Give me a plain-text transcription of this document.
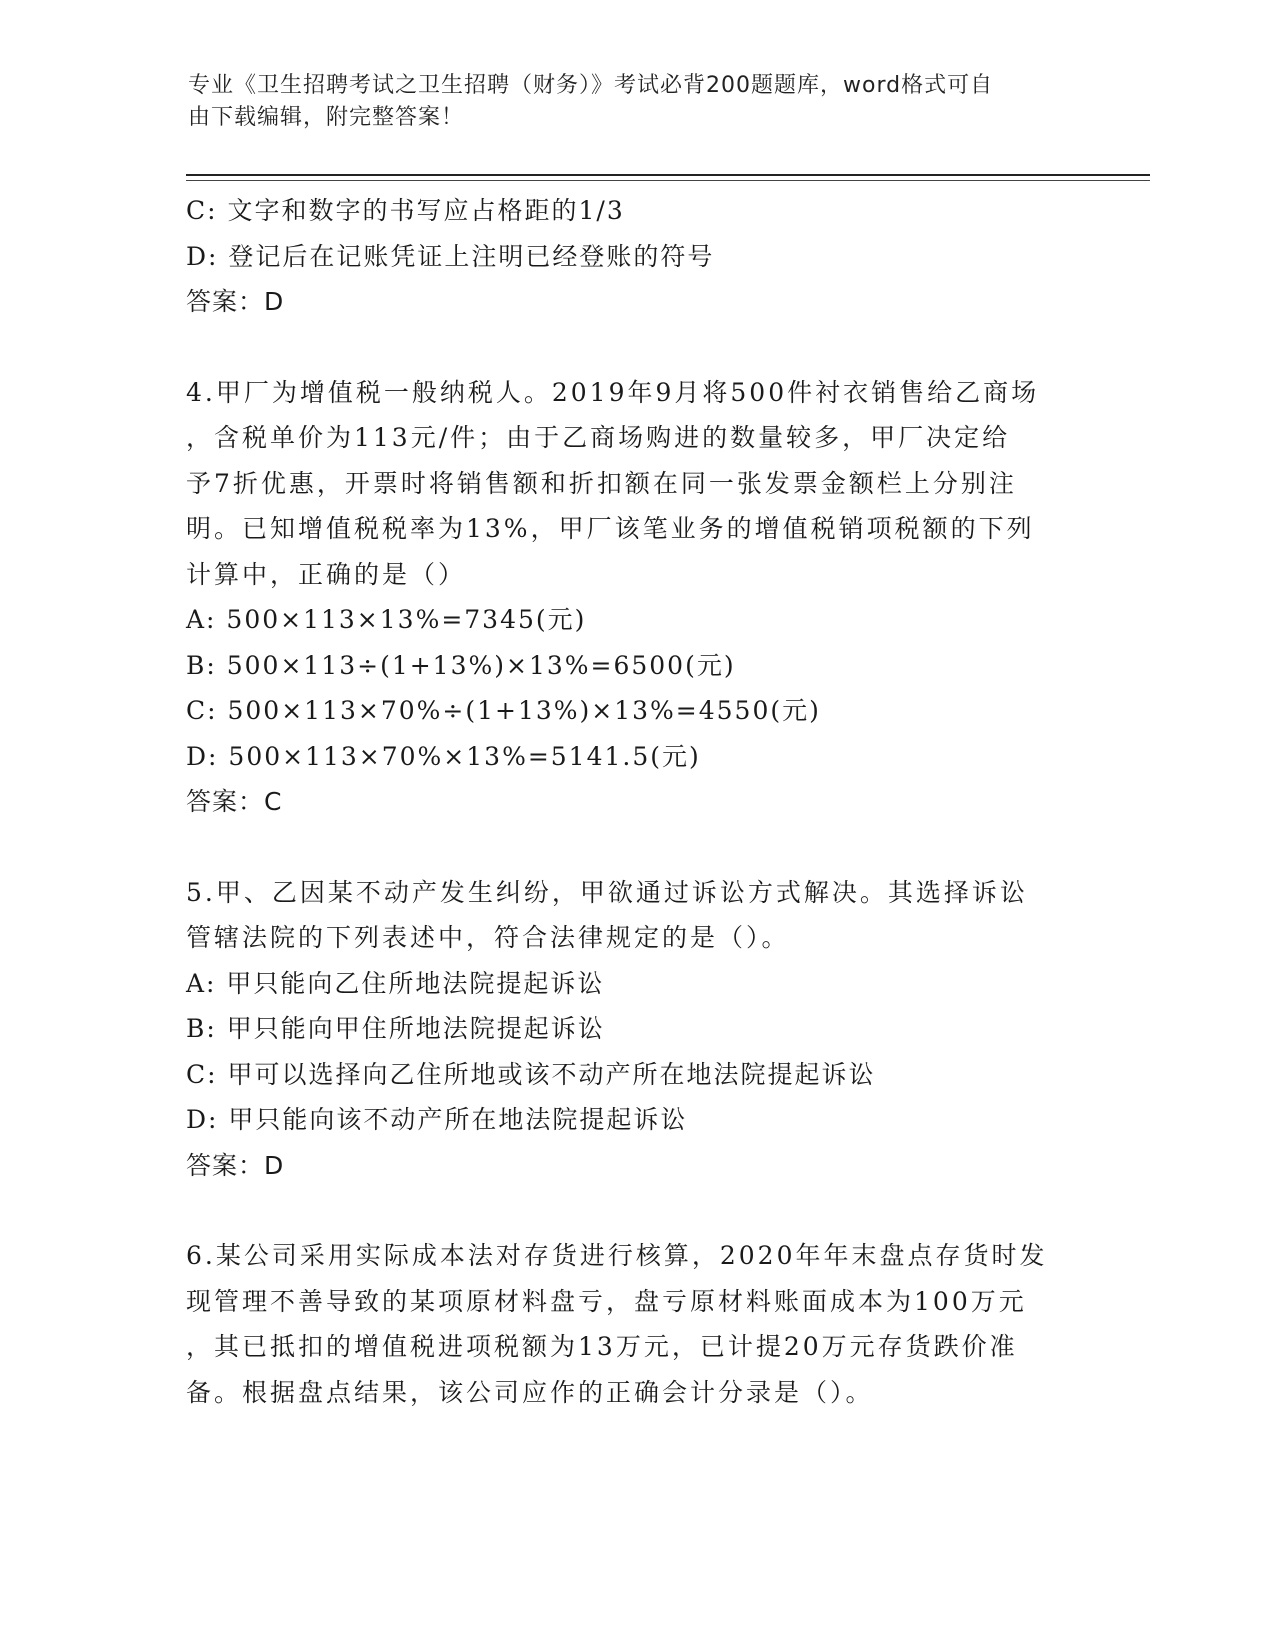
专业《卫生招聘考试之卫生招聘（财务）》考试必背200题题库，word格式可自
由下载编辑，附完整答案！
C: 文字和数字的书写应占格距的1/3
D: 登记后在记账凭证上注明已经登账的符号
答案：D
4.甲厂为增值税一般纳税人。2019年9月将500件衬衣销售给乙商场
，含税单价为113元/件；由于乙商场购进的数量较多，甲厂决定给
予7折优惠，开票时将销售额和折扣额在同一张发票金额栏上分别注
明。已知增值税税率为13%，甲厂该笔业务的增值税销项税额的下列
计算中，正确的是（）
A: 500×113×13%=7345(元)
B: 500×113÷(1+13%)×13%=6500(元)
C: 500×113×70%÷(1+13%)×13%=4550(元)
D: 500×113×70%×13%=5141.5(元)
答案：C
5.甲、乙因某不动产发生纠纷，甲欲通过诉讼方式解决。其选择诉讼
管辖法院的下列表述中，符合法律规定的是（）。
A: 甲只能向乙住所地法院提起诉讼
B: 甲只能向甲住所地法院提起诉讼
C: 甲可以选择向乙住所地或该不动产所在地法院提起诉讼
D: 甲只能向该不动产所在地法院提起诉讼
答案：D
6.某公司采用实际成本法对存货进行核算，2020年年末盘点存货时发
现管理不善导致的某项原材料盘亏，盘亏原材料账面成本为100万元
，其已抵扣的增值税进项税额为13万元，已计提20万元存货跌价准
备。根据盘点结果，该公司应作的正确会计分录是（）。
